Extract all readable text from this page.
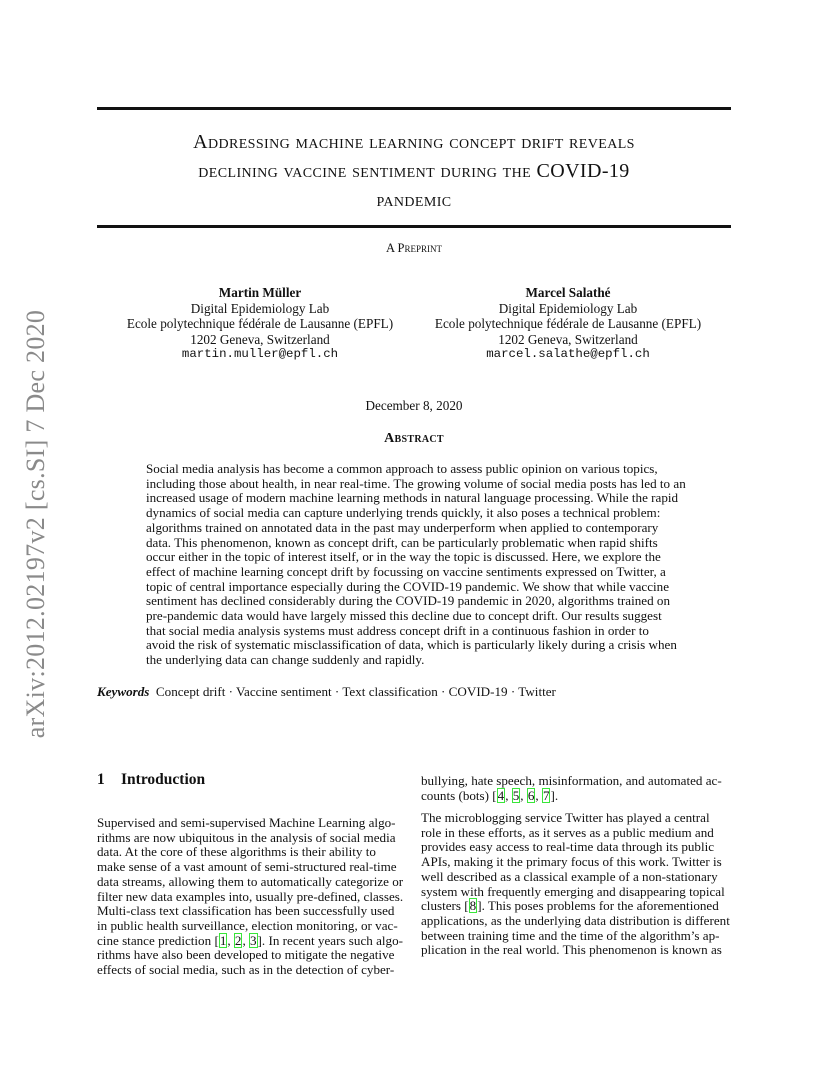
arXiv:2012.02197v2 [cs.SI] 7 Dec 2020
Addressing machine learning concept drift reveals
declining vaccine sentiment during the COVID-19
pandemic
A Preprint
Martin Müller
Digital Epidemiology Lab
Ecole polytechnique fédérale de Lausanne (EPFL)
1202 Geneva, Switzerland
martin.muller@epfl.ch
Marcel Salathé
Digital Epidemiology Lab
Ecole polytechnique fédérale de Lausanne (EPFL)
1202 Geneva, Switzerland
marcel.salathe@epfl.ch
December 8, 2020
Abstract
Social media analysis has become a common approach to assess public opinion on various topics,
including those about health, in near real-time. The growing volume of social media posts has led to an
increased usage of modern machine learning methods in natural language processing. While the rapid
dynamics of social media can capture underlying trends quickly, it also poses a technical problem:
algorithms trained on annotated data in the past may underperform when applied to contemporary
data. This phenomenon, known as concept drift, can be particularly problematic when rapid shifts
occur either in the topic of interest itself, or in the way the topic is discussed. Here, we explore the
effect of machine learning concept drift by focussing on vaccine sentiments expressed on Twitter, a
topic of central importance especially during the COVID-19 pandemic. We show that while vaccine
sentiment has declined considerably during the COVID-19 pandemic in 2020, algorithms trained on
pre-pandemic data would have largely missed this decline due to concept drift. Our results suggest
that social media analysis systems must address concept drift in a continuous fashion in order to
avoid the risk of systematic misclassification of data, which is particularly likely during a crisis when
the underlying data can change suddenly and rapidly.
Keywords Concept drift · Vaccine sentiment · Text classification · COVID-19 · Twitter
1 Introduction
Supervised and semi-supervised Machine Learning algo-
rithms are now ubiquitous in the analysis of social media
data. At the core of these algorithms is their ability to
make sense of a vast amount of semi-structured real-time
data streams, allowing them to automatically categorize or
filter new data examples into, usually pre-defined, classes.
Multi-class text classification has been successfully used
in public health surveillance, election monitoring, or vac-
cine stance prediction [1, 2, 3]. In recent years such algo-
rithms have also been developed to mitigate the negative
effects of social media, such as in the detection of cyber-
bullying, hate speech, misinformation, and automated ac-
counts (bots) [4, 5, 6, 7].
The microblogging service Twitter has played a central
role in these efforts, as it serves as a public medium and
provides easy access to real-time data through its public
APIs, making it the primary focus of this work. Twitter is
well described as a classical example of a non-stationary
system with frequently emerging and disappearing topical
clusters [8]. This poses problems for the aforementioned
applications, as the underlying data distribution is different
between training time and the time of the algorithm’s ap-
plication in the real world. This phenomenon is known as
